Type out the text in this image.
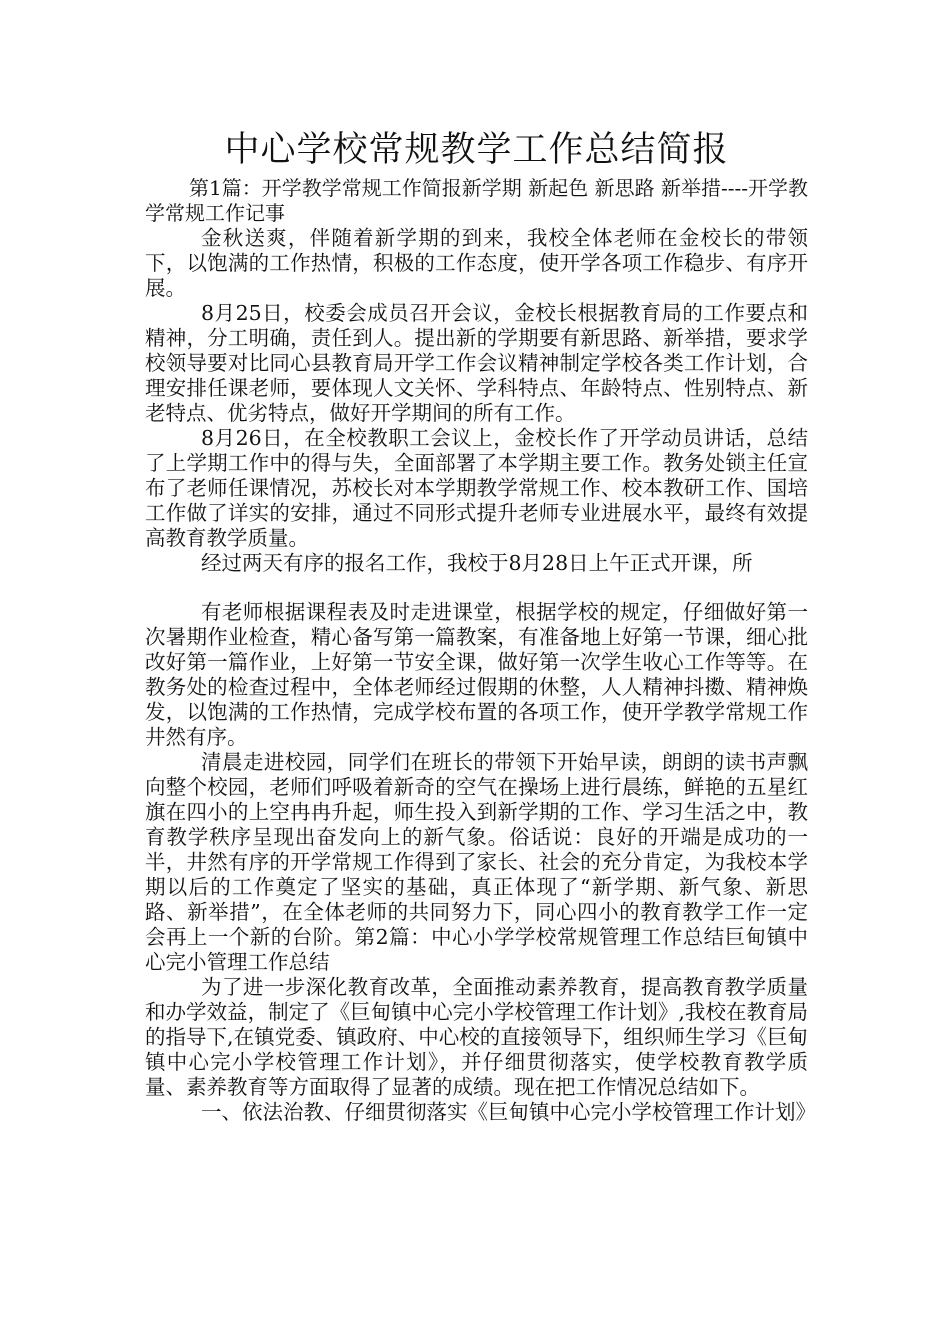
中心学校常规教学工作总结简报

第1篇：开学教学常规工作简报新学期 新起色 新思路 新举措----开学教学常规工作记事

金秋送爽，伴随着新学期的到来，我校全体老师在金校长的带领下，以饱满的工作热情，积极的工作态度，使开学各项工作稳步、有序开展。

8月25日，校委会成员召开会议，金校长根据教育局的工作要点和精神，分工明确，责任到人。提出新的学期要有新思路、新举措，要求学校领导要对比同心县教育局开学工作会议精神制定学校各类工作计划，合理安排任课老师，要体现人文关怀、学科特点、年龄特点、性别特点、新老特点、优劣特点，做好开学期间的所有工作。

8月26日，在全校教职工会议上，金校长作了开学动员讲话，总结了上学期工作中的得与失，全面部署了本学期主要工作。教务处锁主任宣布了老师任课情况，苏校长对本学期教学常规工作、校本教研工作、国培工作做了详实的安排，通过不同形式提升老师专业进展水平，最终有效提高教育教学质量。

经过两天有序的报名工作，我校于8月28日上午正式开课，所

有老师根据课程表及时走进课堂，根据学校的规定，仔细做好第一次暑期作业检查，精心备写第一篇教案，有准备地上好第一节课，细心批改好第一篇作业，上好第一节安全课，做好第一次学生收心工作等等。在教务处的检查过程中，全体老师经过假期的休整，人人精神抖擞、精神焕发，以饱满的工作热情，完成学校布置的各项工作，使开学教学常规工作井然有序。

清晨走进校园，同学们在班长的带领下开始早读，朗朗的读书声飘向整个校园，老师们呼吸着新奇的空气在操场上进行晨练，鲜艳的五星红旗在四小的上空冉冉升起，师生投入到新学期的工作、学习生活之中，教育教学秩序呈现出奋发向上的新气象。俗话说：良好的开端是成功的一半，井然有序的开学常规工作得到了家长、社会的充分肯定，为我校本学期以后的工作奠定了坚实的基础，真正体现了“新学期、新气象、新思路、新举措”，在全体老师的共同努力下，同心四小的教育教学工作一定会再上一个新的台阶。第2篇：中心小学学校常规管理工作总结巨甸镇中心完小管理工作总结

为了进一步深化教育改革，全面推动素养教育，提高教育教学质量和办学效益，制定了《巨甸镇中心完小学校管理工作计划》,我校在教育局的指导下,在镇党委、镇政府、中心校的直接领导下，组织师生学习《巨甸镇中心完小学校管理工作计划》，并仔细贯彻落实，使学校教育教学质量、素养教育等方面取得了显著的成绩。现在把工作情况总结如下。

一、依法治教、仔细贯彻落实《巨甸镇中心完小学校管理工作计划》
